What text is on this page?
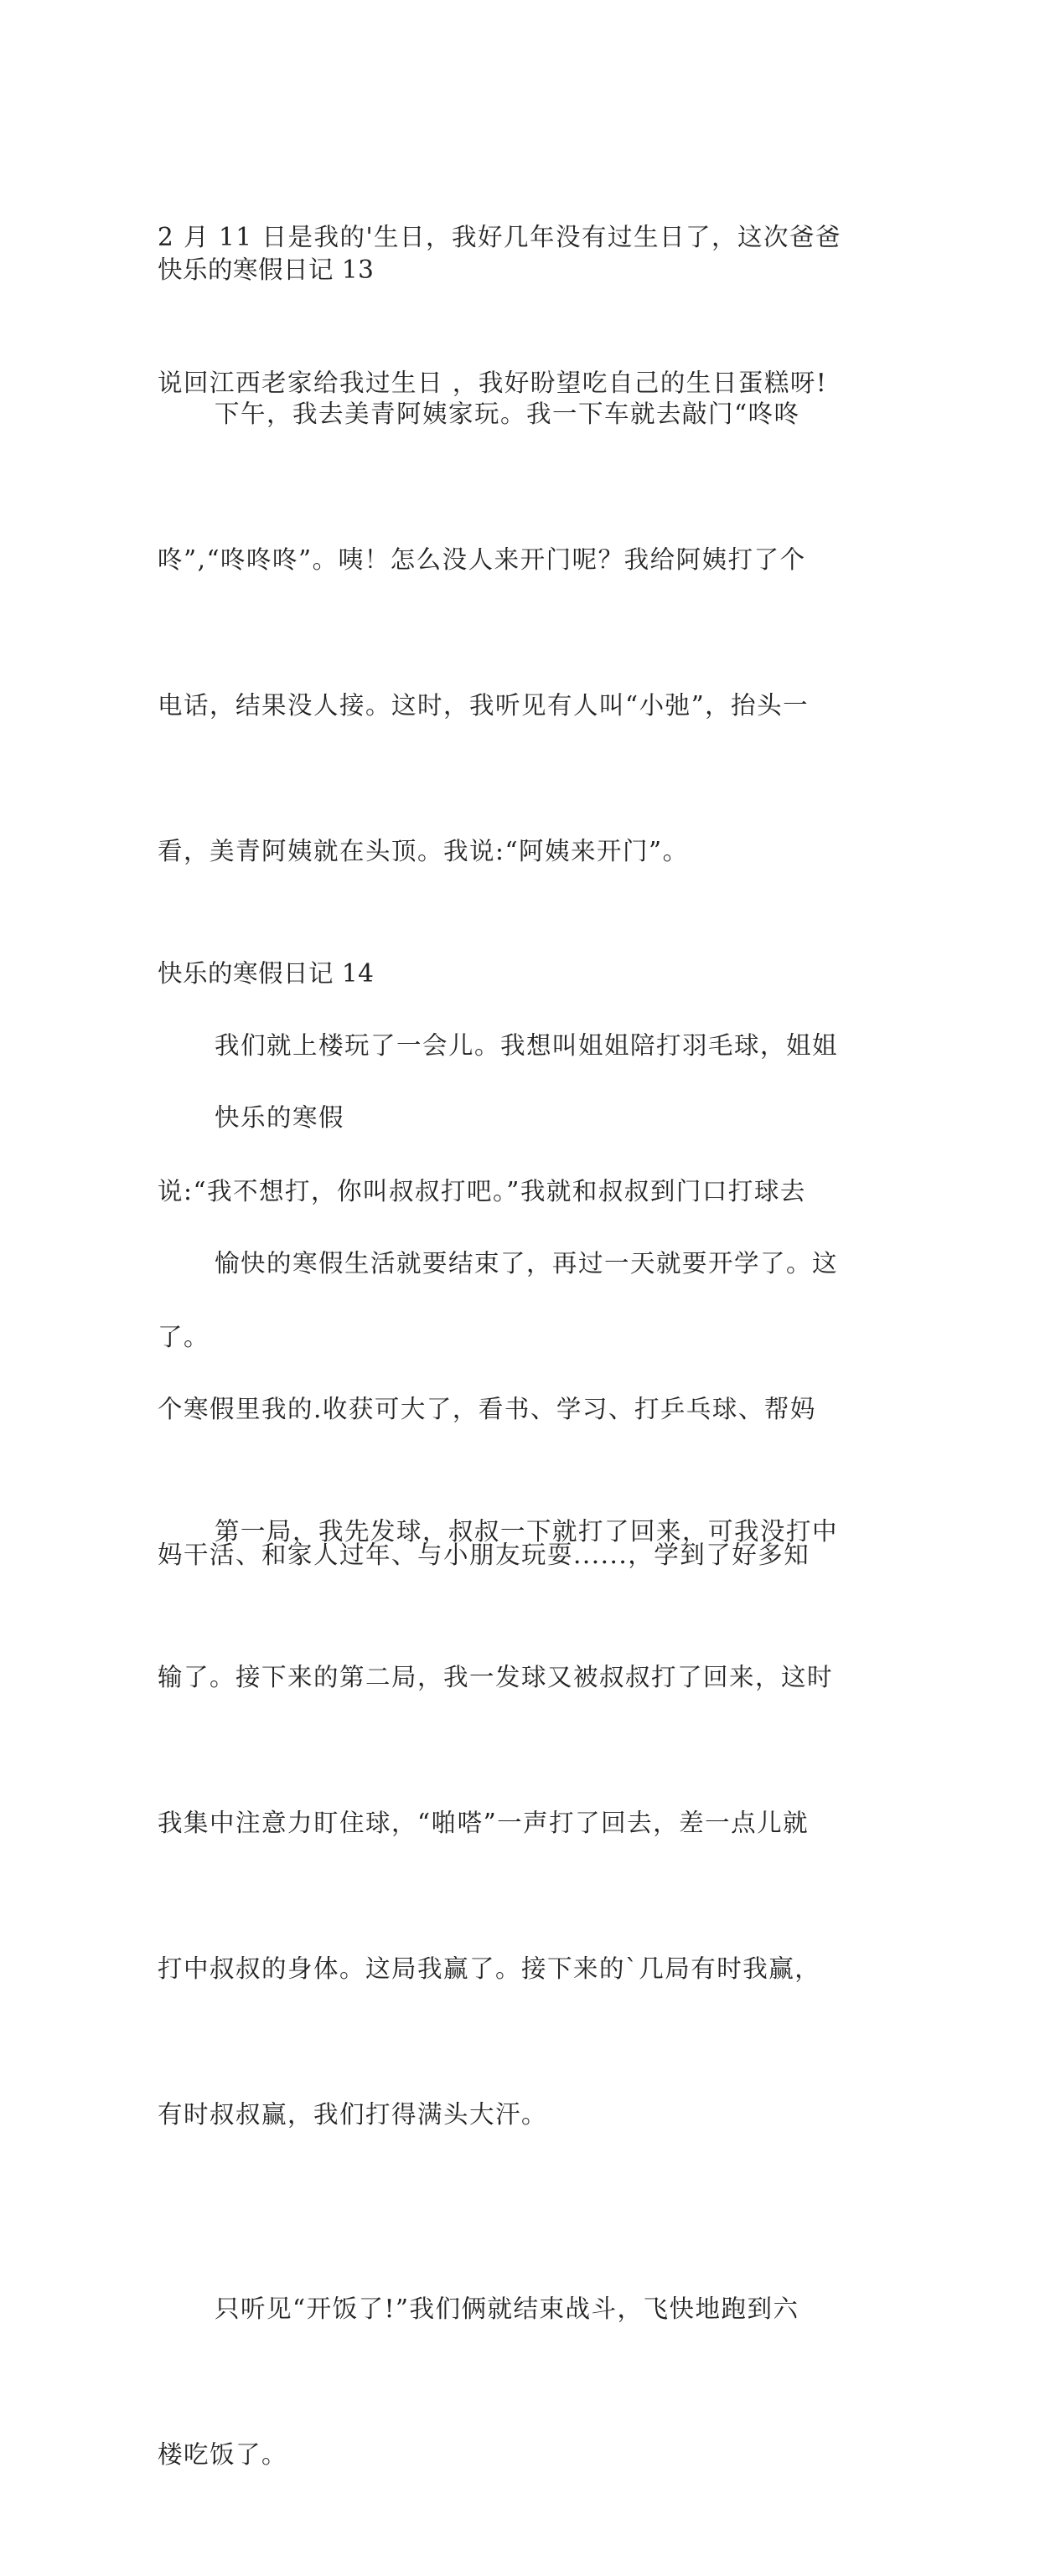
2 月 11 日是我的'生日，我好几年没有过生日了，这次爸爸

说回江西老家给我过生日 ，我好盼望吃自己的生日蛋糕呀!

快乐的寒假日记 13

下午，我去美青阿姨家玩。我一下车就去敲门“咚咚

咚”,“咚咚咚”。咦！怎么没人来开门呢？我给阿姨打了个

电话，结果没人接。这时，我听见有人叫“小弛”，抬头一

看，美青阿姨就在头顶。我说:“阿姨来开门”。

我们就上楼玩了一会儿。我想叫姐姐陪打羽毛球，姐姐

说:“我不想打，你叫叔叔打吧。”我就和叔叔到门口打球去

了。

第一局，我先发球，叔叔一下就打了回来，可我没打中

输了。接下来的第二局，我一发球又被叔叔打了回来，这时

我集中注意力盯住球，“啪嗒”一声打了回去，差一点儿就

打中叔叔的身体。这局我赢了。接下来的`几局有时我赢，

有时叔叔赢，我们打得满头大汗。

只听见“开饭了!”我们俩就结束战斗，飞快地跑到六

楼吃饭了。

快乐的寒假日记 14

快乐的寒假

愉快的寒假生活就要结束了，再过一天就要开学了。这

个寒假里我的.收获可大了，看书、学习、打乒乓球、帮妈

妈干活、和家人过年、与小朋友玩耍......，学到了好多知
